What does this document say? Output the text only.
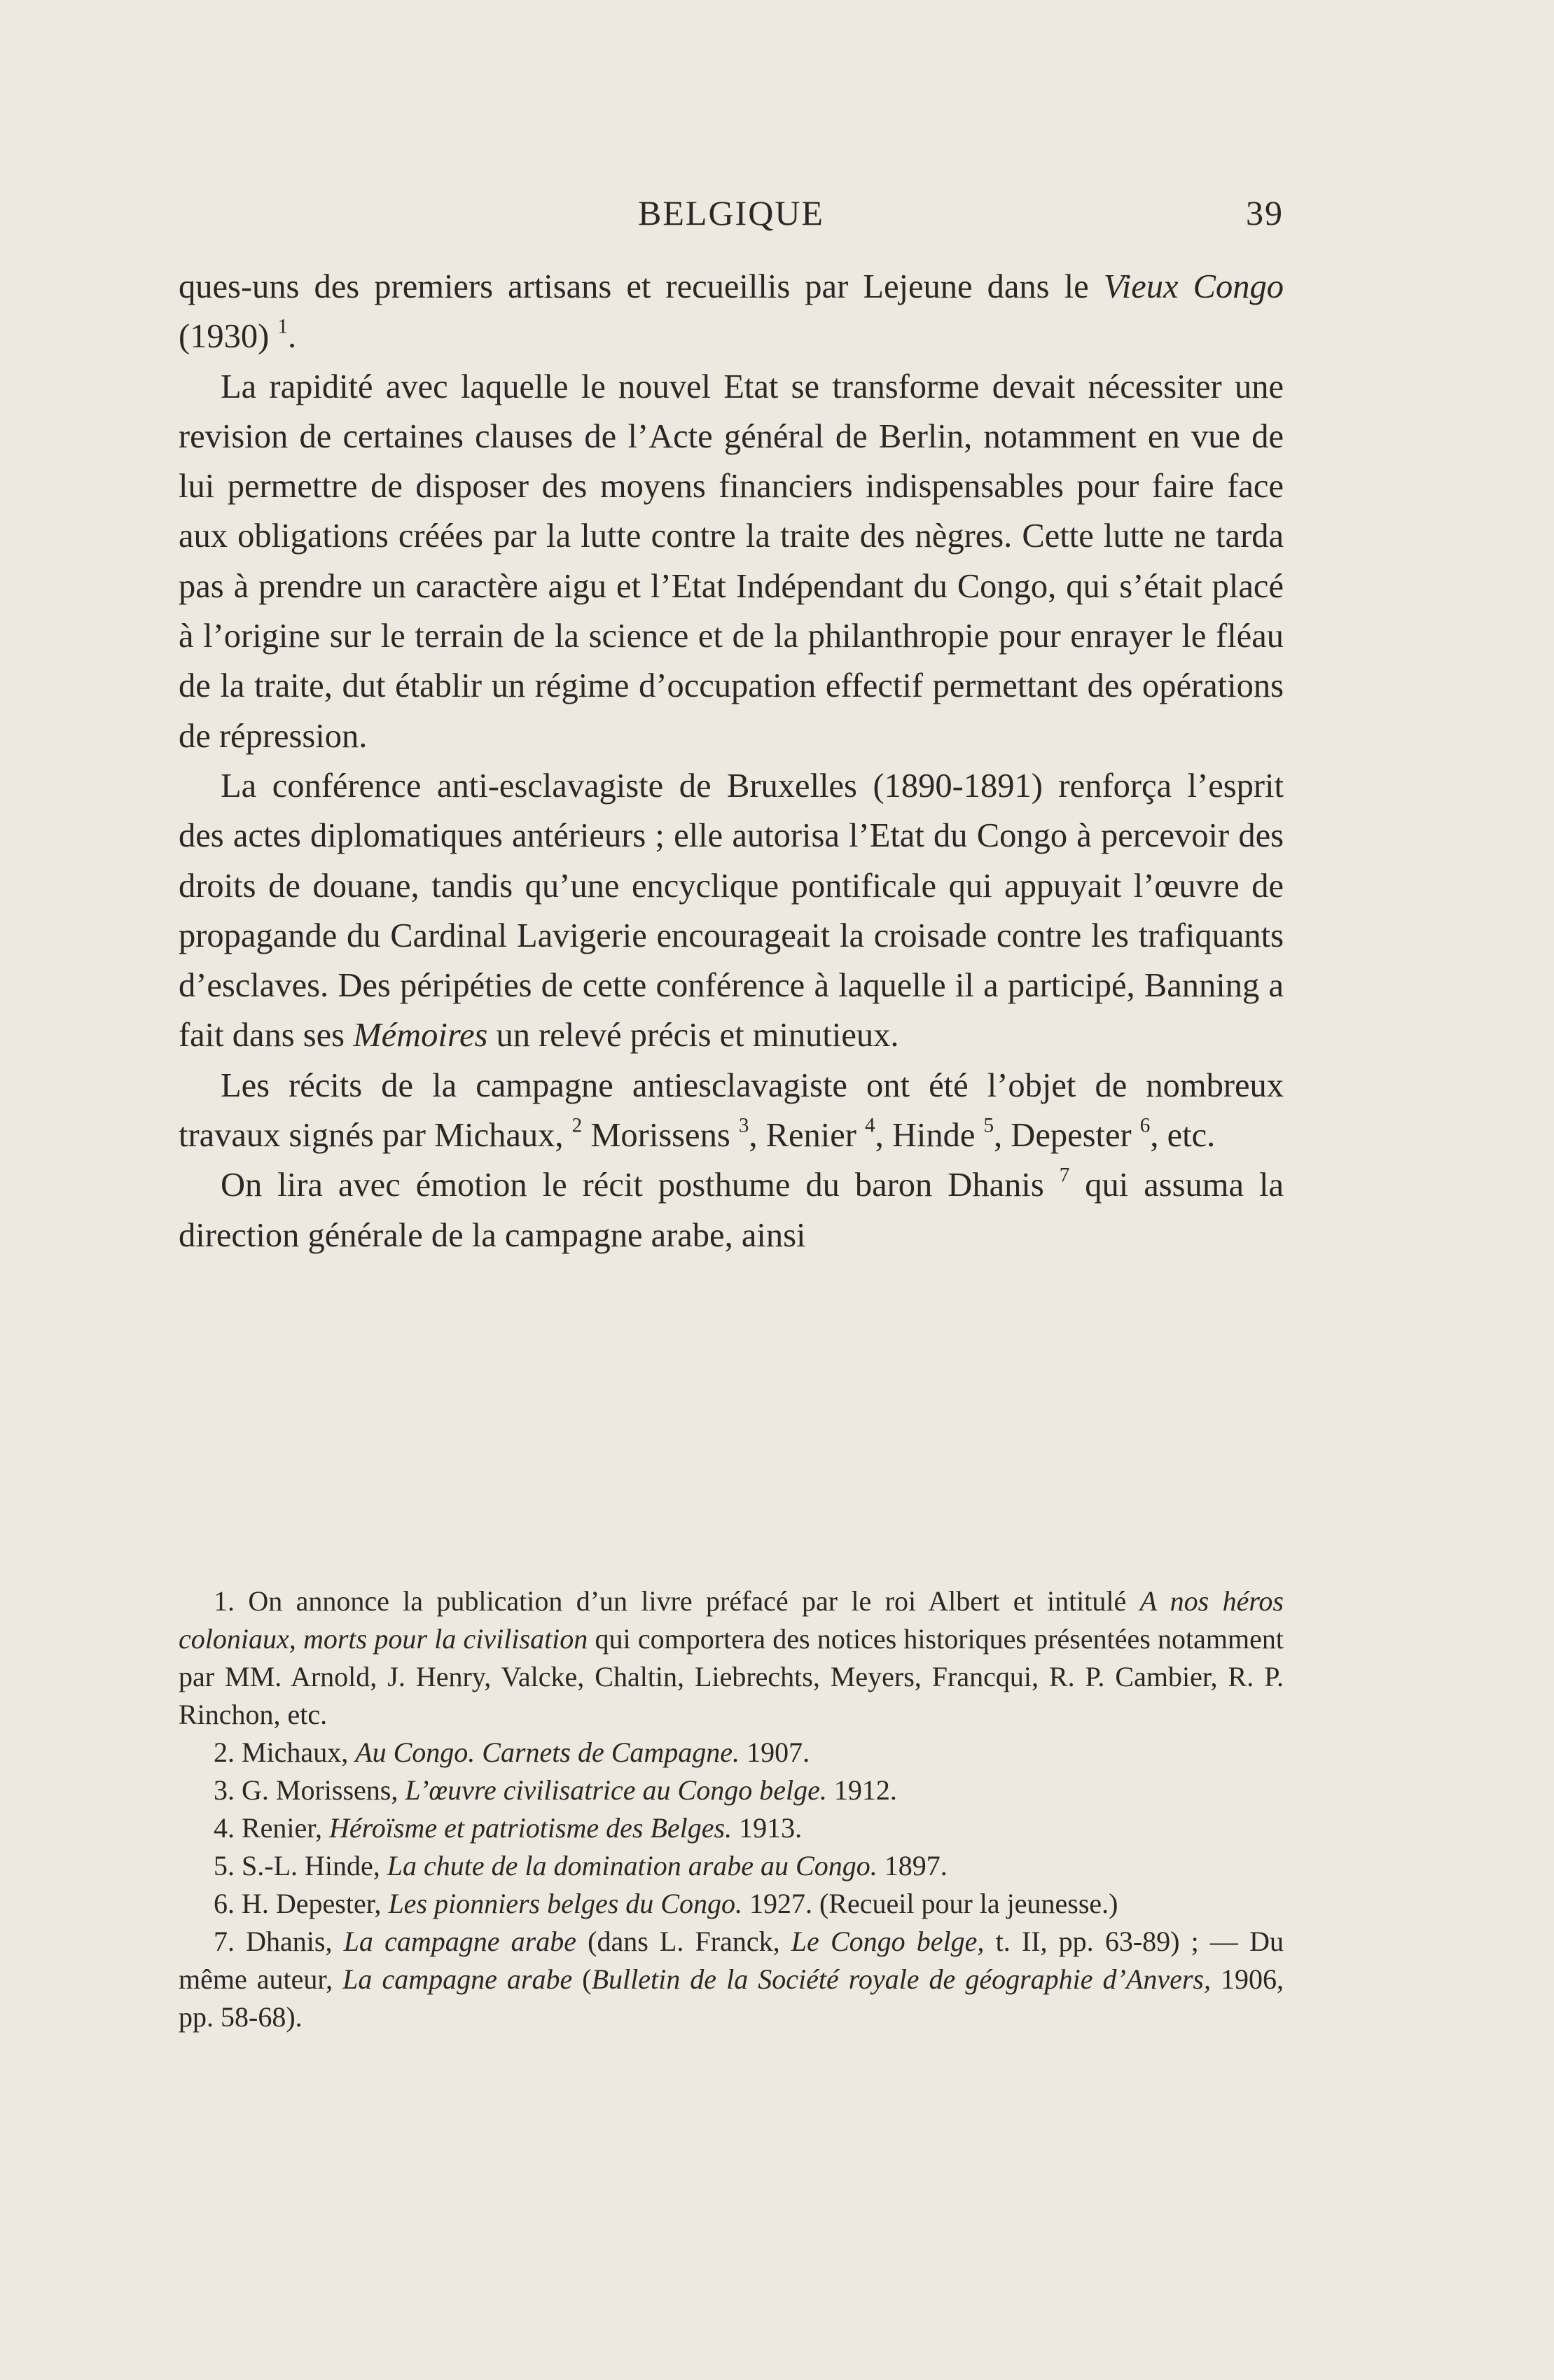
BELGIQUE	39

ques-uns des premiers artisans et recueillis par Lejeune dans le Vieux Congo (1930) $^1$.

La rapidité avec laquelle le nouvel Etat se transforme devait nécessiter une revision de certaines clauses de l’Acte général de Berlin, notamment en vue de lui permettre de disposer des moyens financiers indispensables pour faire face aux obligations créées par la lutte contre la traite des nègres. Cette lutte ne tarda pas à prendre un caractère aigu et l’Etat Indépendant du Congo, qui s’était placé à l’origine sur le terrain de la science et de la philanthropie pour enrayer le fléau de la traite, dut établir un régime d’occupation effectif permettant des opérations de répression.

La conférence anti-esclavagiste de Bruxelles (1890-1891) renforça l’esprit des actes diplomatiques antérieurs ; elle autorisa l’Etat du Congo à percevoir des droits de douane, tandis qu’une encyclique pontificale qui appuyait l’œuvre de propagande du Cardinal Lavigerie encourageait la croisade contre les trafiquants d’esclaves. Des péripéties de cette conférence à laquelle il a participé, Banning a fait dans ses Mémoires un relevé précis et minutieux.

Les récits de la campagne antiesclavagiste ont été l’objet de nombreux travaux signés par Michaux, $^2$ Morissens $^3$, Renier $^4$, Hinde $^5$, Depester $^6$, etc.

On lira avec émotion le récit posthume du baron Dhanis $^7$ qui assuma la direction générale de la campagne arabe, ainsi

1. On annonce la publication d’un livre préfacé par le roi Albert et intitulé A nos héros coloniaux, morts pour la civilisation qui comportera des notices historiques présentées notamment par MM. Arnold, J. Henry, Valcke, Chaltin, Liebrechts, Meyers, Francqui, R. P. Cambier, R. P. Rinchon, etc.

2. Michaux, Au Congo. Carnets de Campagne. 1907.

3. G. Morissens, L’œuvre civilisatrice au Congo belge. 1912.

4. Renier, Héroïsme et patriotisme des Belges. 1913.

5. S.-L. Hinde, La chute de la domination arabe au Congo. 1897.

6. H. Depester, Les pionniers belges du Congo. 1927. (Recueil pour la jeunesse.)

7. Dhanis, La campagne arabe (dans L. Franck, Le Congo belge, t. II, pp. 63-89) ; — Du même auteur, La campagne arabe (Bulletin de la Société royale de géographie d’Anvers, 1906, pp. 58-68).
